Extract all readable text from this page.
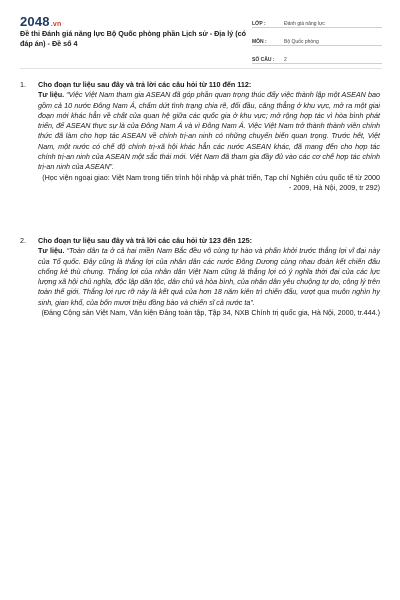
2048.vn
Đề thi Đánh giá năng lực Bộ Quốc phòng phần Lịch sử - Địa lý (có đáp án) - Đề số 4
LỚP :	Đánh giá năng lực
MÔN :	Bộ Quốc phòng
SỐ CÂU :	2
1.	Cho đoạn tư liệu sau đây và trả lời các câu hỏi từ 110 đến 112:
Tư liệu. “Việc Việt Nam tham gia ASEAN đã góp phần quan trọng thúc đẩy việc thành lập một ASEAN bao gồm cả 10 nước Đông Nam Á, chấm dứt tình trạng chia rẽ, đối đầu, căng thẳng ở khu vực, mở ra một giai đoạn mới khác hẳn về chất của quan hệ giữa các quốc gia ở khu vực; mở rộng hợp tác vì hòa bình phát triển, để ASEAN thực sự là của Đông Nam Á và vì Đông Nam Á. Việc Việt Nam trở thành thành viên chính thức đã làm cho hợp tác ASEAN về chính trị-an ninh có những chuyển biến quan trọng. Trước hết, Việt Nam, một nước có chế độ chính trị-xã hội khác hẳn các nước ASEAN khác, đã mang đến cho hợp tác chính trị-an ninh của ASEAN một sắc thái mới. Việt Nam đã tham gia đầy đủ vào các cơ chế hợp tác chính trị-an ninh của ASEAN”.
(Học viện ngoại giao: Việt Nam trong tiến trình hội nhập và phát triển, Tạp chí Nghiên cứu quốc tế từ 2000 - 2009, Hà Nội, 2009, tr 292)
2.	Cho đoạn tư liệu sau đây và trả lời các câu hỏi từ 123 đến 125:
Tư liệu. “Toàn dân ta ở cả hai miền Nam Bắc đều vô cùng tự hào và phấn khởi trước thắng lợi vĩ đại này của Tổ quốc. Đây cũng là thắng lợi của nhân dân các nước Đông Dương cùng nhau đoàn kết chiến đấu chống kẻ thù chung. Thắng lợi của nhân dân Việt Nam cũng là thắng lợi có ý nghĩa thời đại của các lực lượng xã hội chủ nghĩa, độc lập dân tộc, dân chủ và hòa bình, của nhân dân yêu chuộng tự do, công lý trên toàn thế giới. Thắng lợi rực rỡ này là kết quả của hơn 18 năm kiên trì chiến đấu, vượt qua muôn nghìn hy sinh, gian khổ, của bốn mươi triệu đồng bào và chiến sĩ cả nước ta”.
(Đảng Cộng sản Việt Nam, Văn kiện Đảng toàn tập, Tập 34, NXB Chính trị quốc gia, Hà Nội, 2000, tr.444.)
